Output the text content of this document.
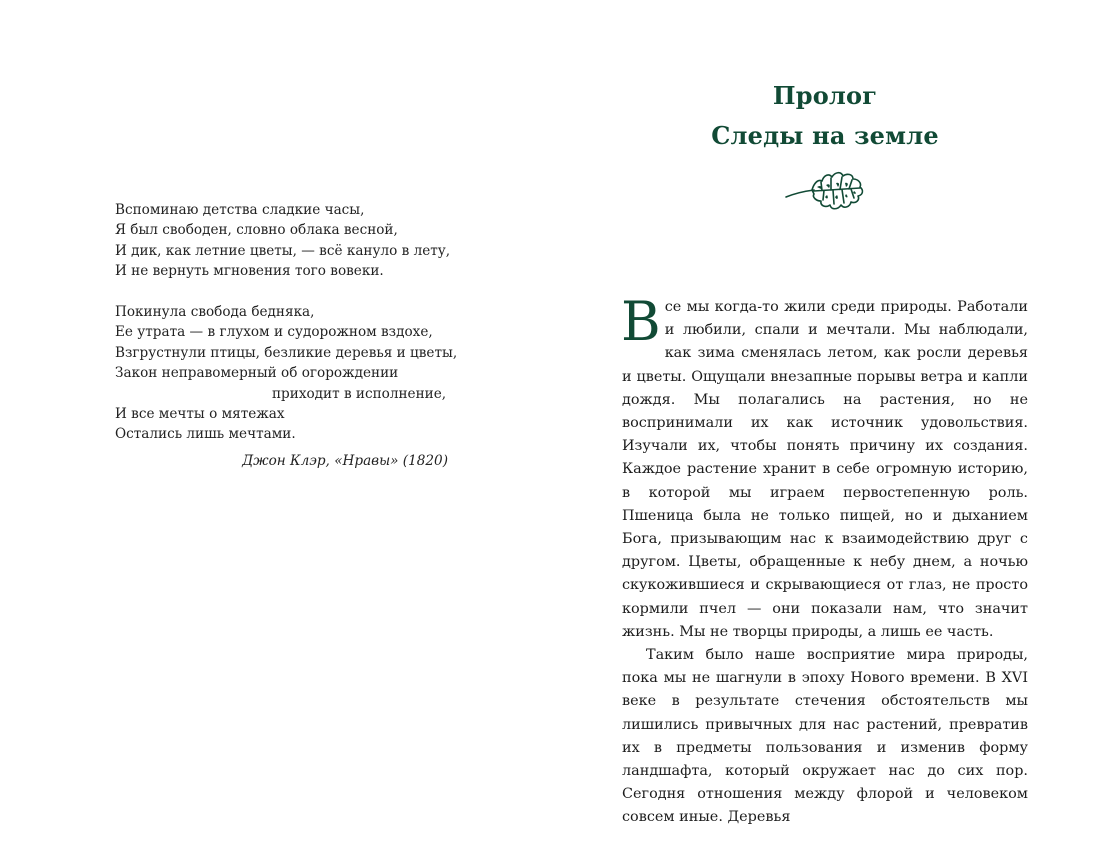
Вспоминаю детства сладкие часы,
Я был свободен, словно облака весной,
И дик, как летние цветы, — всё кануло в лету,
И не вернуть мгновения того вовеки.
Покинула свобода бедняка,
Ее утрата — в глухом и судорожном вздохе,
Взгрустнули птицы, безликие деревья и цветы,
Закон неправомерный об огорождении
приходит в исполнение,
И все мечты о мятежах
Остались лишь мечтами.
Джон Клэр, «Нравы» (1820)
Пролог
Следы на земле

Все мы когда-то жили среди природы. Работали и любили, спали и мечтали. Мы наблюдали, как зима сменялась летом, как росли деревья и цветы. Ощущали внезапные порывы ветра и капли дождя. Мы полагались на растения, но не воспринимали их как источник удовольствия. Изучали их, чтобы понять причину их создания. Каждое растение хранит в себе огромную историю, в которой мы играем первостепенную роль. Пшеница была не только пищей, но и дыханием Бога, призывающим нас к взаимодействию друг с другом. Цветы, обращенные к небу днем, а ночью скукожившиеся и скрывающиеся от глаз, не просто кормили пчел — они показали нам, что значит жизнь. Мы не творцы природы, а лишь ее часть.

Таким было наше восприятие мира природы, пока мы не шагнули в эпоху Нового времени. В XVI веке в результате стечения обстоятельств мы лишились привычных для нас растений, превратив их в предметы пользования и изменив форму ландшафта, который окружает нас до сих пор. Сегодня отношения между флорой и человеком совсем иные. Деревья
